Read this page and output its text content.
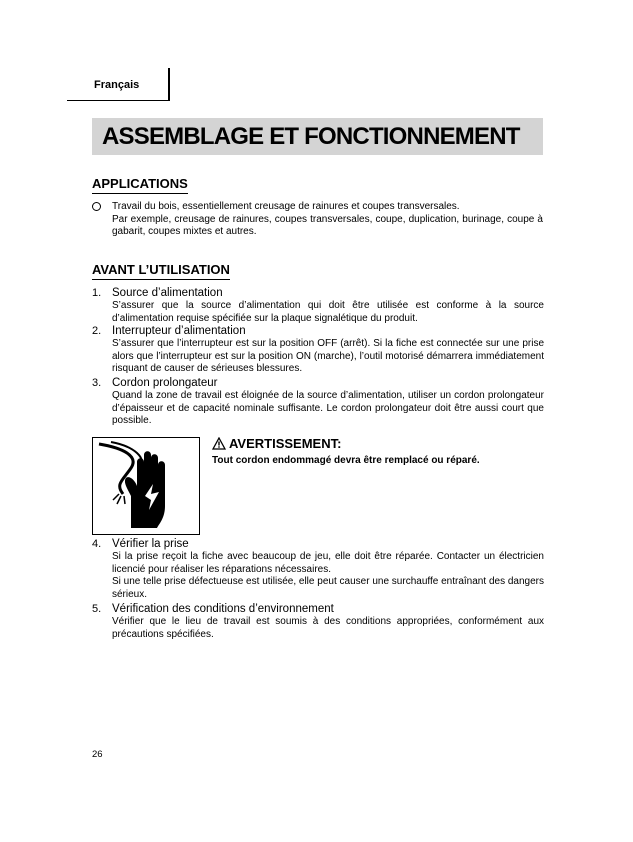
Français
ASSEMBLAGE ET FONCTIONNEMENT
APPLICATIONS
Travail du bois, essentiellement creusage de rainures et coupes transversales.
Par exemple, creusage de rainures, coupes transversales, coupe, duplication, burinage, coupe à gabarit, coupes mixtes et autres.
AVANT L’UTILISATION
1. Source d’alimentation
S’assurer que la source d’alimentation qui doit être utilisée est conforme à la source d’alimentation requise spécifiée sur la plaque signalétique du produit.
2. Interrupteur d’alimentation
S’assurer que l’interrupteur est sur la position OFF (arrêt). Si la fiche est connectée sur une prise alors que l’interrupteur est sur la position ON (marche), l’outil motorisé démarrera immédiatement risquant de causer de sérieuses blessures.
3. Cordon prolongateur
Quand la zone de travail est éloignée de la source d’alimentation, utiliser un cordon prolongateur d’épaisseur et de capacité nominale suffisante. Le cordon prolongateur doit être aussi court que possible.
AVERTISSEMENT:
Tout cordon endommagé devra être remplacé ou réparé.
4. Vérifier la prise
Si la prise reçoit la fiche avec beaucoup de jeu, elle doit être réparée. Contacter un électricien licencié pour réaliser les réparations nécessaires.
Si une telle prise défectueuse est utilisée, elle peut causer une surchauffe entraînant des dangers sérieux.
5. Vérification des conditions d’environnement
Vérifier que le lieu de travail est soumis à des conditions appropriées, conformément aux précautions spécifiées.
26
